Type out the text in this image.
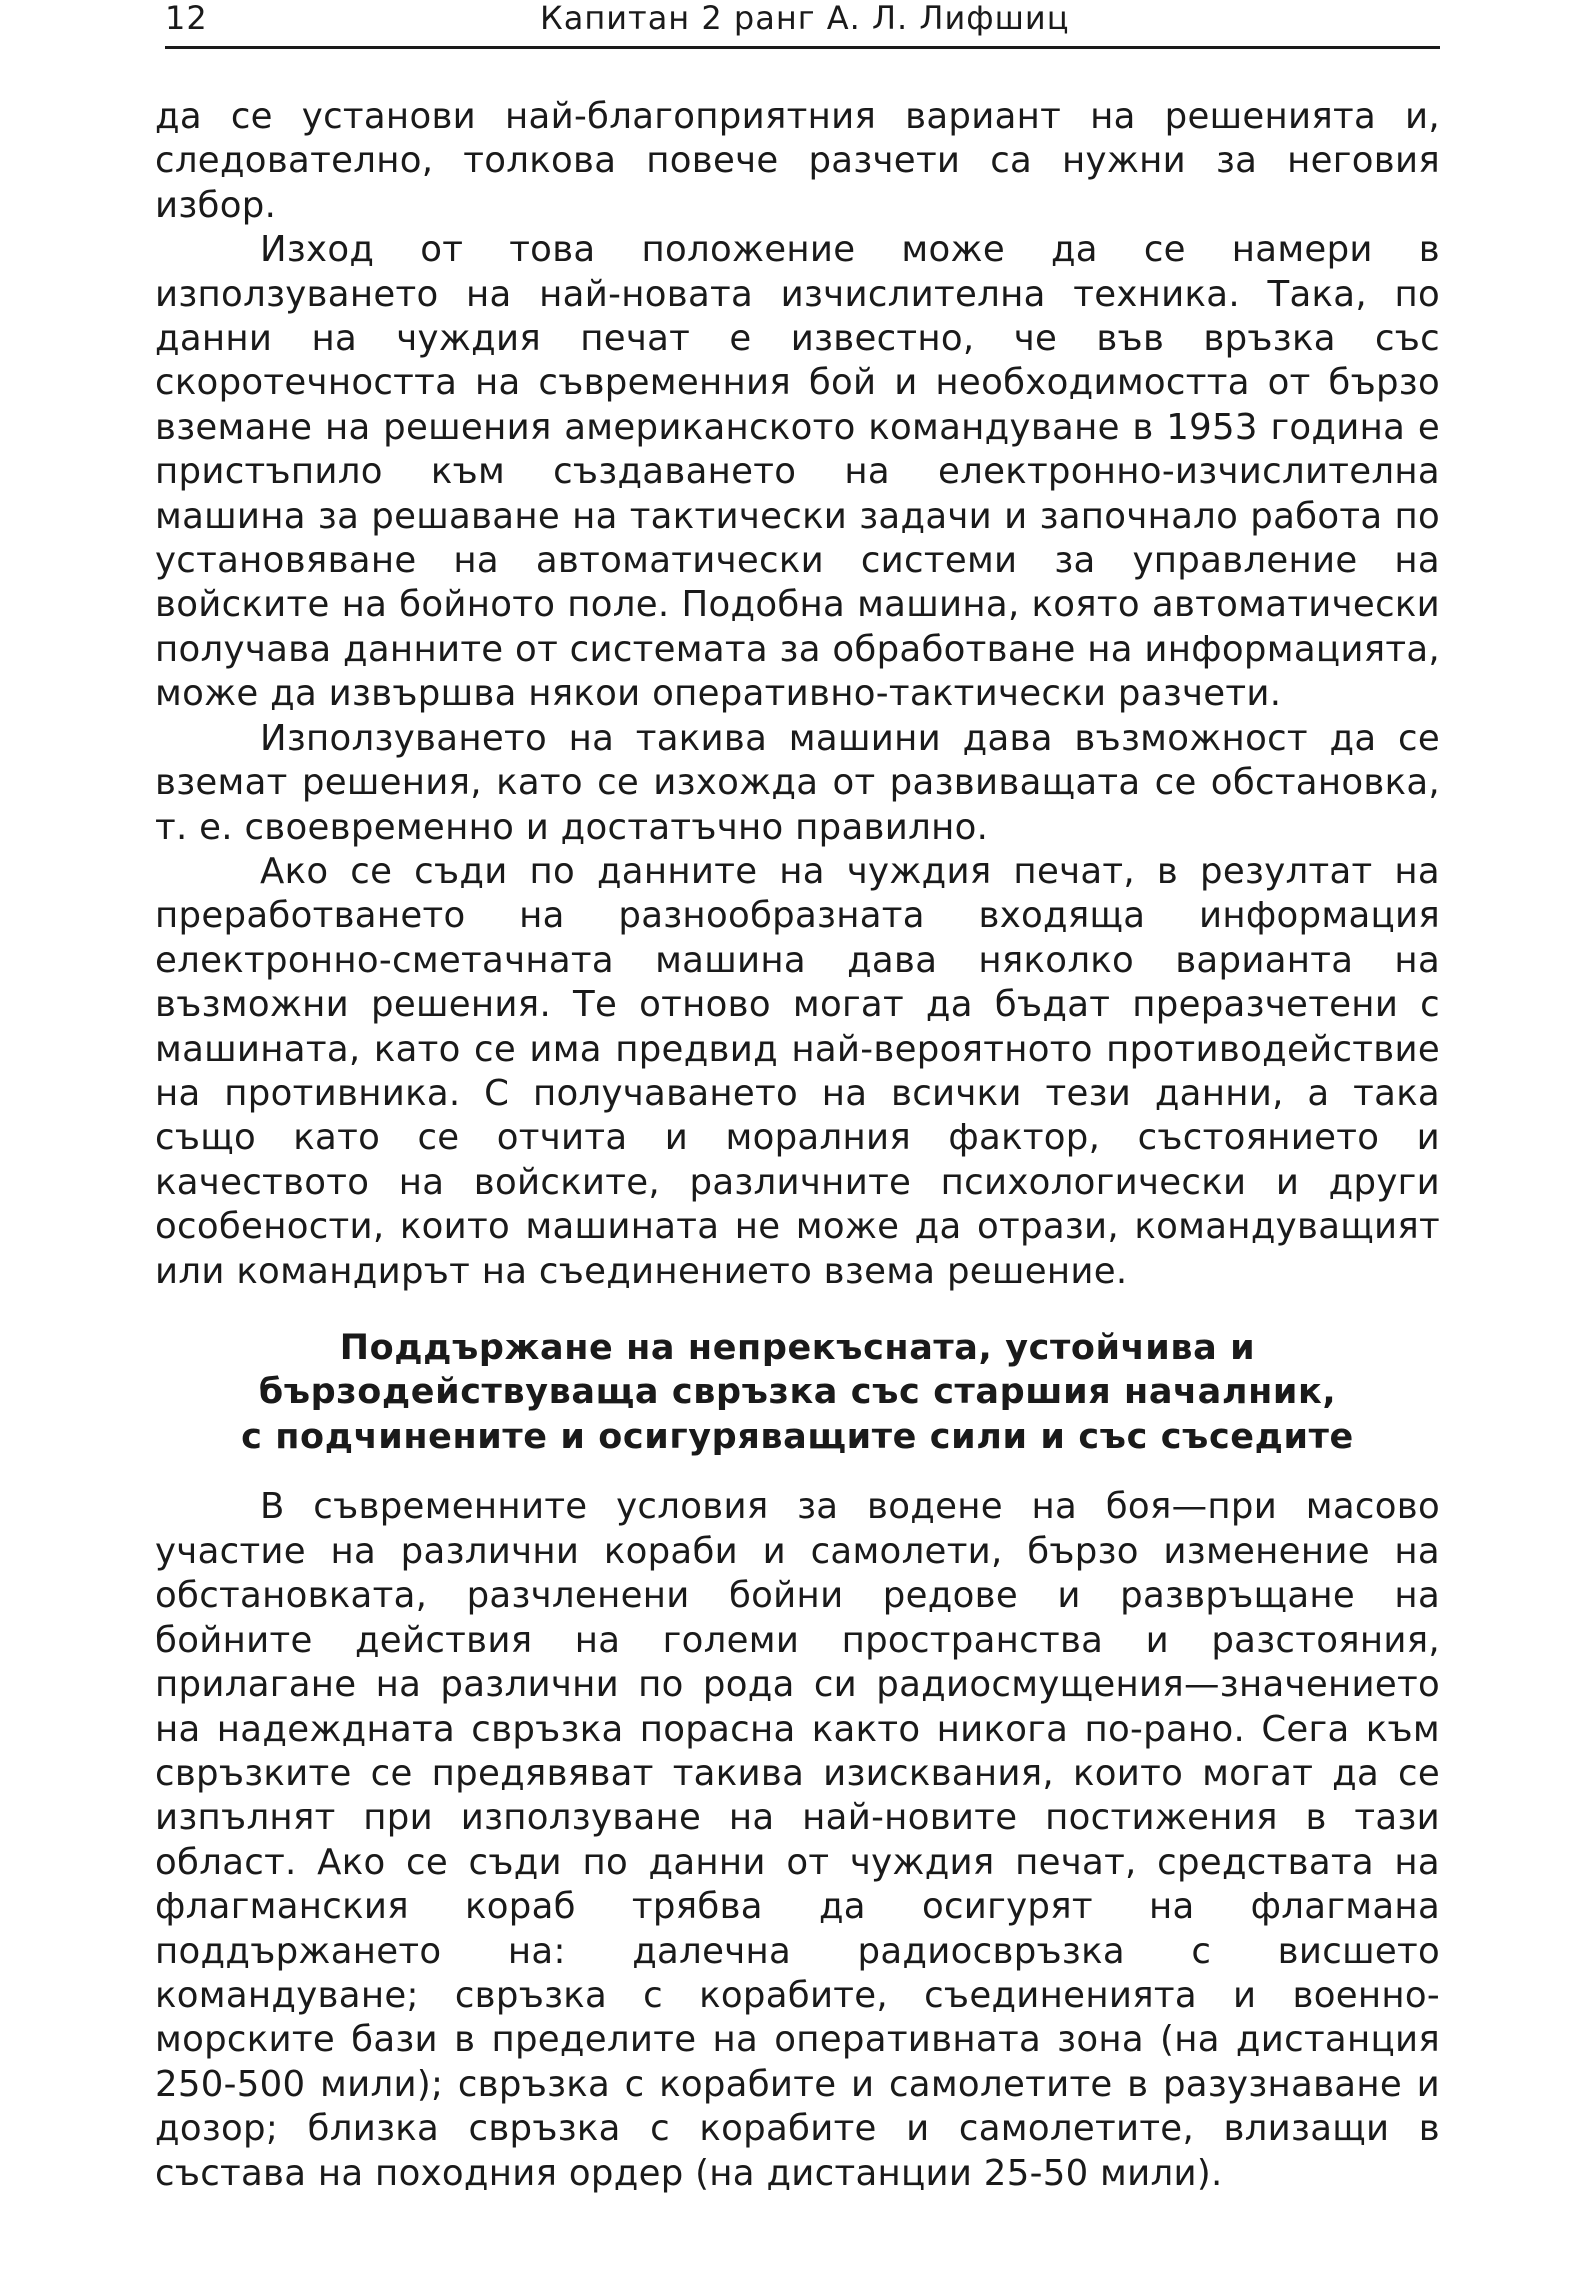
12	Капитан 2 ранг А. Л. Лифшиц

да се установи най-благоприятния вариант на решенията и, следователно, толкова повече разчети са нужни за неговия избор.

Изход от това положение може да се намери в използуването на най-новата изчислителна техника. Така, по данни на чуждия печат е известно, че във връзка със скоротечността на съвременния бой и необходимостта от бързо вземане на решения американското командуване в 1953 година е пристъпило към създаването на електронно-изчислителна машина за решаване на тактически задачи и започнало работа по установяване на автоматически системи за управление на войските на бойното поле. Подобна машина, която автоматически получава данните от системата за обработване на информацията, може да извършва някои оперативно-тактически разчети.

Използуването на такива машини дава възможност да се вземат решения, като се изхожда от развиващата се обстановка, т. е. своевременно и достатъчно правилно.

Ако се съди по данните на чуждия печат, в резултат на преработването на разнообразната входяща информация електронно-сметачната машина дава няколко варианта на възможни решения. Те отново могат да бъдат преразчетени с машината, като се има предвид най-вероятното противодействие на противника. С получаването на всички тези данни, а така също като се отчита и моралния фактор, състоянието и качеството на войските, различните психологически и други особености, които машината не може да отрази, командуващият или командирът на съединението взема решение.

Поддържане на непрекъсната, устойчива и
бързодействуваща свръзка със старшия началник,
с подчинените и осигуряващите сили и със съседите

В съвременните условия за водене на боя—при масово участие на различни кораби и самолети, бързо изменение на обстановката, разчленени бойни редове и развръщане на бойните действия на големи пространства и разстояния, прилагане на различни по рода си радиосмущения—значението на надеждната свръзка порасна както никога по-рано. Сега към свръзките се предявяват такива изисквания, които могат да се изпълнят при използуване на най-новите постижения в тази област. Ако се съди по данни от чуждия печат, средствата на флагманския кораб трябва да осигурят на флагмана поддържането на: далечна радиосвръзка с висшето командуване; свръзка с корабите, съединенията и военно-морските бази в пределите на оперативната зона (на дистанция 250-500 мили); свръзка с корабите и самолетите в разузнаване и дозор; близка свръзка с корабите и самолетите, влизащи в състава на походния ордер (на дистанции 25-50 мили).
